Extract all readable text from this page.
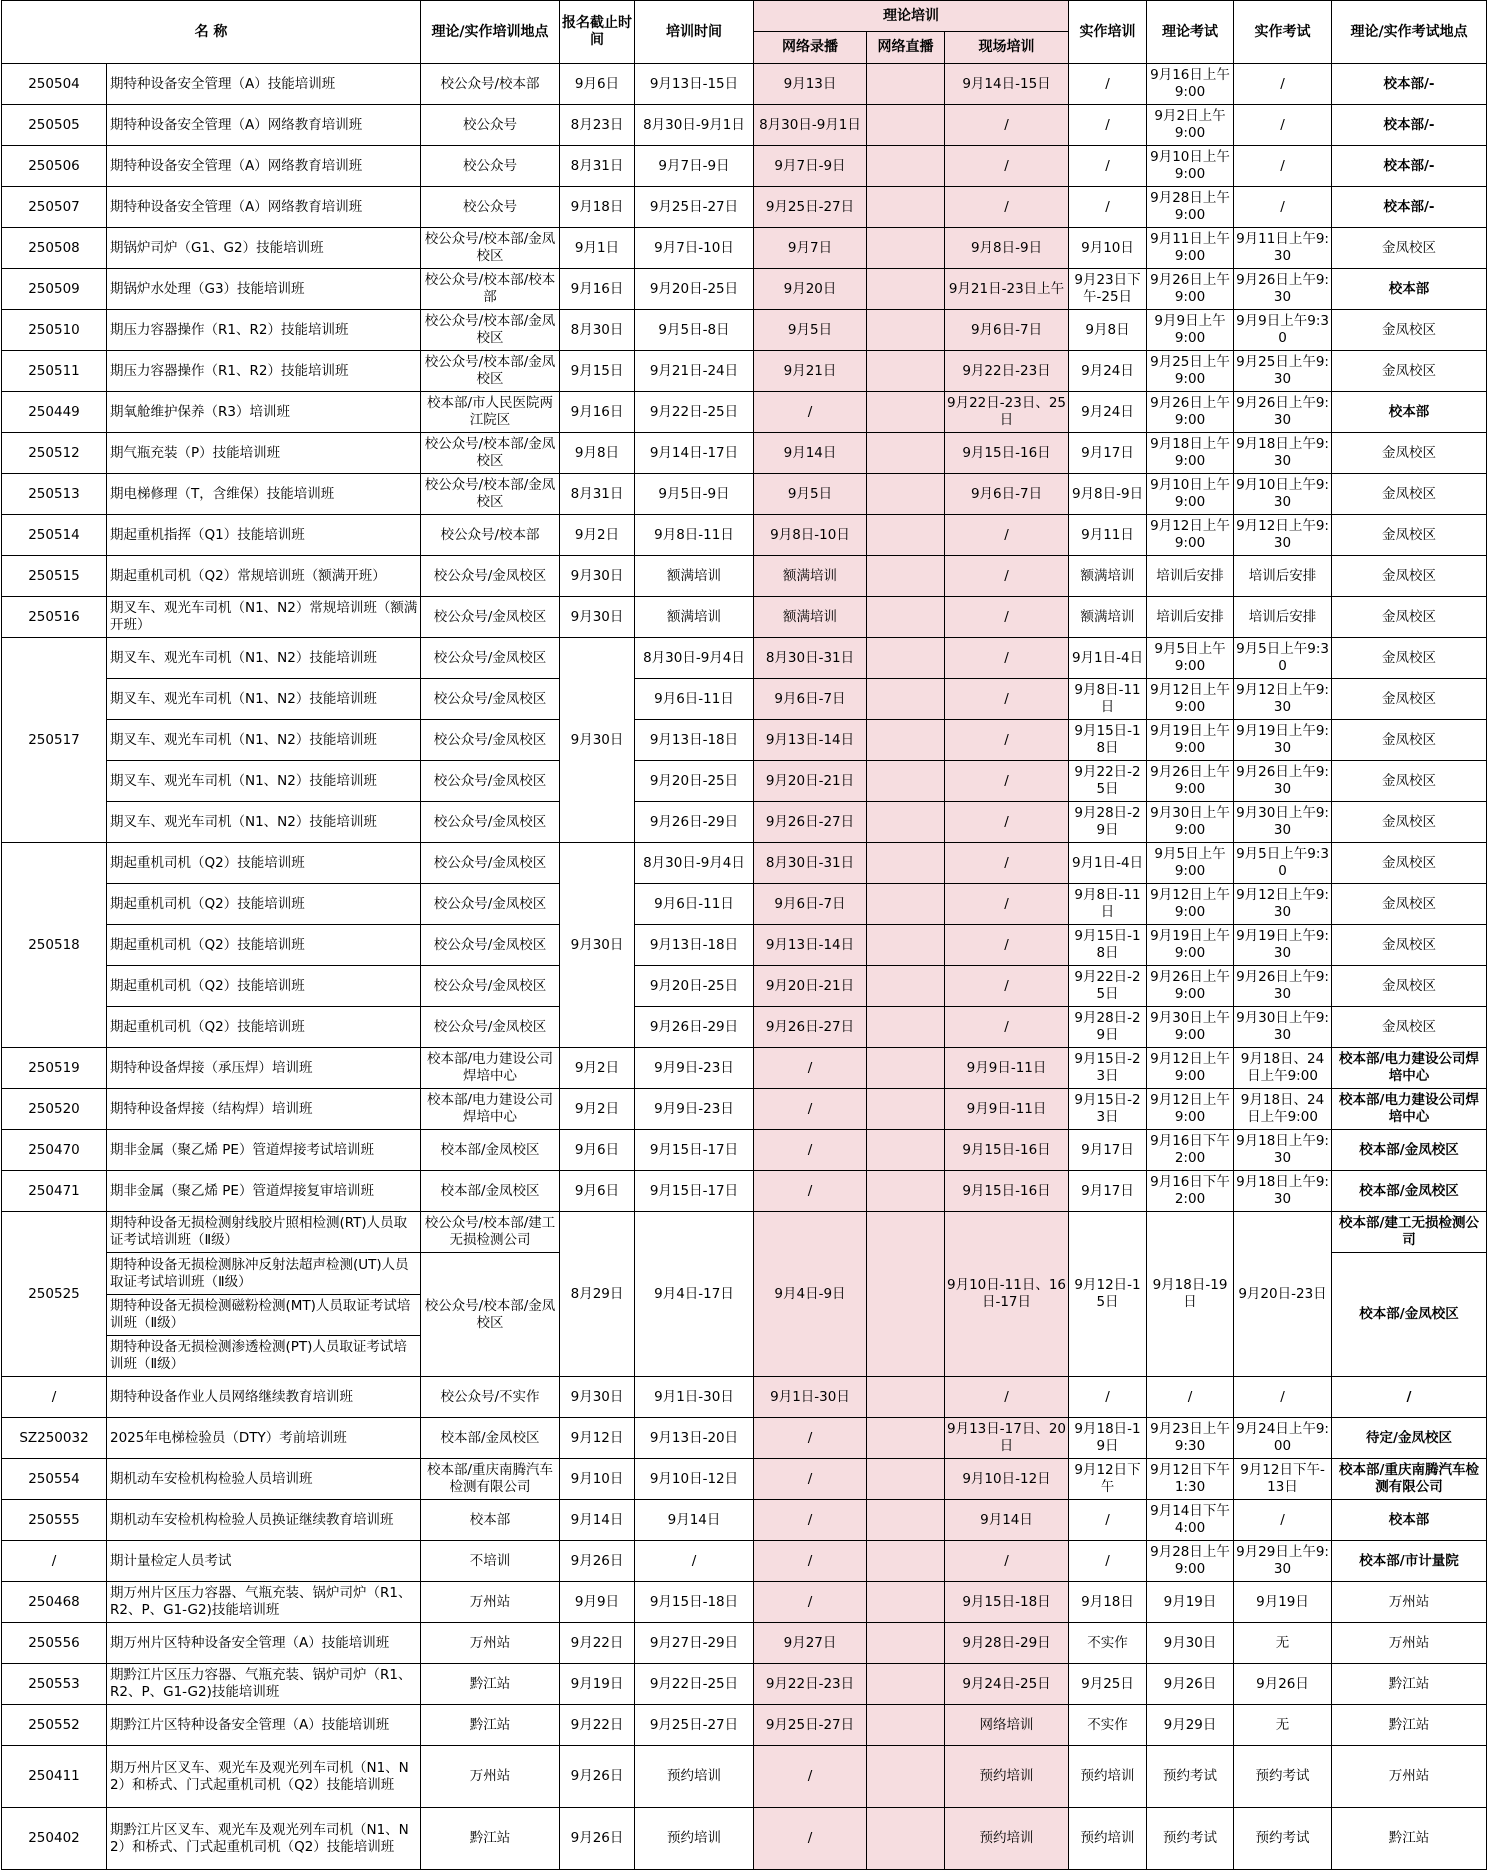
名 称		理论/实作培训地点	报名截止时间	培训时间	理论培训			实作培训	理论考试	实作考试	理论/实作考试地点
					网络录播	网络直播	现场培训				
250504	期特种设备安全管理（A）技能培训班	校公众号/校本部	9月6日	9月13日-15日	9月13日		9月14日-15日	/	9月16日上午9:00	/	校本部/-
250505	期特种设备安全管理（A）网络教育培训班	校公众号	8月23日	8月30日-9月1日	8月30日-9月1日		/	/	9月2日上午9:00	/	校本部/-
250506	期特种设备安全管理（A）网络教育培训班	校公众号	8月31日	9月7日-9日	9月7日-9日		/	/	9月10日上午9:00	/	校本部/-
250507	期特种设备安全管理（A）网络教育培训班	校公众号	9月18日	9月25日-27日	9月25日-27日		/	/	9月28日上午9:00	/	校本部/-
250508	期锅炉司炉（G1、G2）技能培训班	校公众号/校本部/金凤校区	9月1日	9月7日-10日	9月7日		9月8日-9日	9月10日	9月11日上午9:00	9月11日上午9:30	金凤校区
250509	期锅炉水处理（G3）技能培训班	校公众号/校本部/校本部	9月16日	9月20日-25日	9月20日		9月21日-23日上午	9月23日下午-25日	9月26日上午9:00	9月26日上午9:30	校本部
250510	期压力容器操作（R1、R2）技能培训班	校公众号/校本部/金凤校区	8月30日	9月5日-8日	9月5日		9月6日-7日	9月8日	9月9日上午9:00	9月9日上午9:30	金凤校区
250511	期压力容器操作（R1、R2）技能培训班	校公众号/校本部/金凤校区	9月15日	9月21日-24日	9月21日		9月22日-23日	9月24日	9月25日上午9:00	9月25日上午9:30	金凤校区
250449	期氧舱维护保养（R3）培训班	校本部/市人民医院两江院区	9月16日	9月22日-25日	/		9月22日-23日、25日	9月24日	9月26日上午9:00	9月26日上午9:30	校本部
250512	期气瓶充装（P）技能培训班	校公众号/校本部/金凤校区	9月8日	9月14日-17日	9月14日		9月15日-16日	9月17日	9月18日上午9:00	9月18日上午9:30	金凤校区
250513	期电梯修理（T，含维保）技能培训班	校公众号/校本部/金凤校区	8月31日	9月5日-9日	9月5日		9月6日-7日	9月8日-9日	9月10日上午9:00	9月10日上午9:30	金凤校区
250514	期起重机指挥（Q1）技能培训班	校公众号/校本部	9月2日	9月8日-11日	9月8日-10日		/	9月11日	9月12日上午9:00	9月12日上午9:30	金凤校区
250515	期起重机司机（Q2）常规培训班（额满开班）	校公众号/金凤校区	9月30日	额满培训	额满培训		/	额满培训	培训后安排	培训后安排	金凤校区
250516	期叉车、观光车司机（N1、N2）常规培训班（额满开班）	校公众号/金凤校区	9月30日	额满培训	额满培训		/	额满培训	培训后安排	培训后安排	金凤校区
250517	期叉车、观光车司机（N1、N2）技能培训班	校公众号/金凤校区	9月30日	8月30日-9月4日	8月30日-31日		/	9月1日-4日	9月5日上午9:00	9月5日上午9:30	金凤校区
	期叉车、观光车司机（N1、N2）技能培训班	校公众号/金凤校区		9月6日-11日	9月6日-7日		/	9月8日-11日	9月12日上午9:00	9月12日上午9:30	金凤校区
	期叉车、观光车司机（N1、N2）技能培训班	校公众号/金凤校区		9月13日-18日	9月13日-14日		/	9月15日-18日	9月19日上午9:00	9月19日上午9:30	金凤校区
	期叉车、观光车司机（N1、N2）技能培训班	校公众号/金凤校区		9月20日-25日	9月20日-21日		/	9月22日-25日	9月26日上午9:00	9月26日上午9:30	金凤校区
	期叉车、观光车司机（N1、N2）技能培训班	校公众号/金凤校区		9月26日-29日	9月26日-27日		/	9月28日-29日	9月30日上午9:00	9月30日上午9:30	金凤校区
250518	期起重机司机（Q2）技能培训班	校公众号/金凤校区	9月30日	8月30日-9月4日	8月30日-31日		/	9月1日-4日	9月5日上午9:00	9月5日上午9:30	金凤校区
	期起重机司机（Q2）技能培训班	校公众号/金凤校区		9月6日-11日	9月6日-7日		/	9月8日-11日	9月12日上午9:00	9月12日上午9:30	金凤校区
	期起重机司机（Q2）技能培训班	校公众号/金凤校区		9月13日-18日	9月13日-14日		/	9月15日-18日	9月19日上午9:00	9月19日上午9:30	金凤校区
	期起重机司机（Q2）技能培训班	校公众号/金凤校区		9月20日-25日	9月20日-21日		/	9月22日-25日	9月26日上午9:00	9月26日上午9:30	金凤校区
	期起重机司机（Q2）技能培训班	校公众号/金凤校区		9月26日-29日	9月26日-27日		/	9月28日-29日	9月30日上午9:00	9月30日上午9:30	金凤校区
250519	期特种设备焊接（承压焊）培训班	校本部/电力建设公司焊培中心	9月2日	9月9日-23日	/		9月9日-11日	9月15日-23日	9月12日上午9:00	9月18日、24日上午9:00	校本部/电力建设公司焊培中心
250520	期特种设备焊接（结构焊）培训班	校本部/电力建设公司焊培中心	9月2日	9月9日-23日	/		9月9日-11日	9月15日-23日	9月12日上午9:00	9月18日、24日上午9:00	校本部/电力建设公司焊培中心
250470	期非金属（聚乙烯 PE）管道焊接考试培训班	校本部/金凤校区	9月6日	9月15日-17日	/		9月15日-16日	9月17日	9月16日下午2:00	9月18日上午9:30	校本部/金凤校区
250471	期非金属（聚乙烯 PE）管道焊接复审培训班	校本部/金凤校区	9月6日	9月15日-17日	/		9月15日-16日	9月17日	9月16日下午2:00	9月18日上午9:30	校本部/金凤校区
250525	期特种设备无损检测射线胶片照相检测(RT)人员取证考试培训班（Ⅱ级）	校公众号/校本部/建工无损检测公司	8月29日	9月4日-17日	9月4日-9日		9月10日-11日、16日-17日	9月12日-15日	9月18日-19日	9月20日-23日	校本部/建工无损检测公司
	期特种设备无损检测脉冲反射法超声检测(UT)人员取证考试培训班（Ⅱ级）	校公众号/校本部/金凤校区									校本部/金凤校区
	期特种设备无损检测磁粉检测(MT)人员取证考试培训班（Ⅱ级）										
	期特种设备无损检测渗透检测(PT)人员取证考试培训班（Ⅱ级）										
/	期特种设备作业人员网络继续教育培训班	校公众号/不实作	9月30日	9月1日-30日	9月1日-30日		/	/	/	/	/
SZ250032	2025年电梯检验员（DTY）考前培训班	校本部/金凤校区	9月12日	9月13日-20日	/		9月13日-17日、20日	9月18日-19日	9月23日上午9:30	9月24日上午9:00	待定/金凤校区
250554	期机动车安检机构检验人员培训班	校本部/重庆南腾汽车检测有限公司	9月10日	9月10日-12日	/		9月10日-12日	9月12日下午	9月12日下午1:30	9月12日下午-13日	校本部/重庆南腾汽车检测有限公司
250555	期机动车安检机构检验人员换证继续教育培训班	校本部	9月14日	9月14日	/		9月14日	/	9月14日下午4:00	/	校本部
/	期计量检定人员考试	不培训	9月26日	/	/		/	/	9月28日上午9:00	9月29日上午9:30	校本部/市计量院
250468	期万州片区压力容器、气瓶充装、锅炉司炉（R1、R2、P、G1-G2)技能培训班	万州站	9月9日	9月15日-18日	/		9月15日-18日	9月18日	9月19日	9月19日	万州站
250556	期万州片区特种设备安全管理（A）技能培训班	万州站	9月22日	9月27日-29日	9月27日		9月28日-29日	不实作	9月30日	无	万州站
250553	期黔江片区压力容器、气瓶充装、锅炉司炉（R1、R2、P、G1-G2)技能培训班	黔江站	9月19日	9月22日-25日	9月22日-23日		9月24日-25日	9月25日	9月26日	9月26日	黔江站
250552	期黔江片区特种设备安全管理（A）技能培训班	黔江站	9月22日	9月25日-27日	9月25日-27日		网络培训	不实作	9月29日	无	黔江站
250411	期万州片区叉车、观光车及观光列车司机（N1、N2）和桥式、门式起重机司机（Q2）技能培训班	万州站	9月26日	预约培训	/		预约培训	预约培训	预约考试	预约考试	万州站
250402	期黔江片区叉车、观光车及观光列车司机（N1、N2）和桥式、门式起重机司机（Q2）技能培训班	黔江站	9月26日	预约培训	/		预约培训	预约培训	预约考试	预约考试	黔江站
